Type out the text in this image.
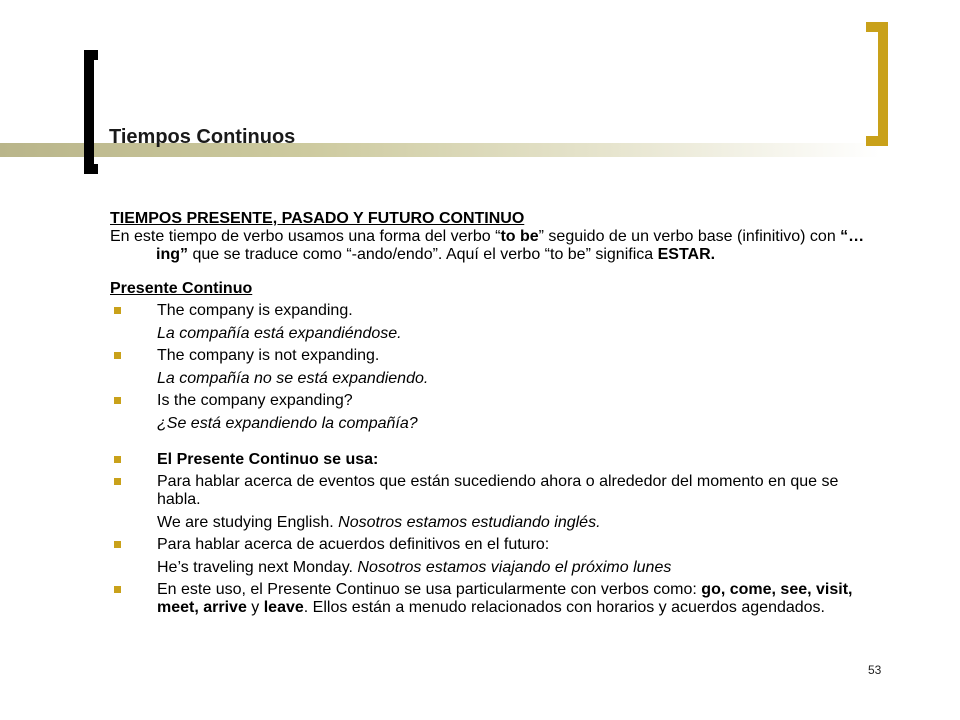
Tiempos Continuos
TIEMPOS PRESENTE, PASADO Y FUTURO CONTINUO
En este tiempo de verbo usamos una forma del verbo “to be” seguido de un verbo base (infinitivo) con “…ing” que se traduce como “-ando/endo”. Aquí el verbo “to be” significa ESTAR.
Presente Continuo
The company is expanding.
La compañía está expandiéndose.
The company is not expanding.
La compañía no se está expandiendo.
Is the company expanding?
¿Se está expandiendo la compañía?
El Presente Continuo se usa:
Para hablar acerca de eventos que están sucediendo ahora o alrededor del momento en que se habla.
We are studying English. Nosotros estamos estudiando inglés.
Para hablar acerca de acuerdos definitivos en el futuro:
He’s traveling next Monday. Nosotros estamos viajando el próximo lunes
En este uso, el Presente Continuo se usa particularmente con verbos como: go, come, see, visit, meet, arrive y leave. Ellos están a menudo relacionados con horarios y acuerdos agendados.
53
